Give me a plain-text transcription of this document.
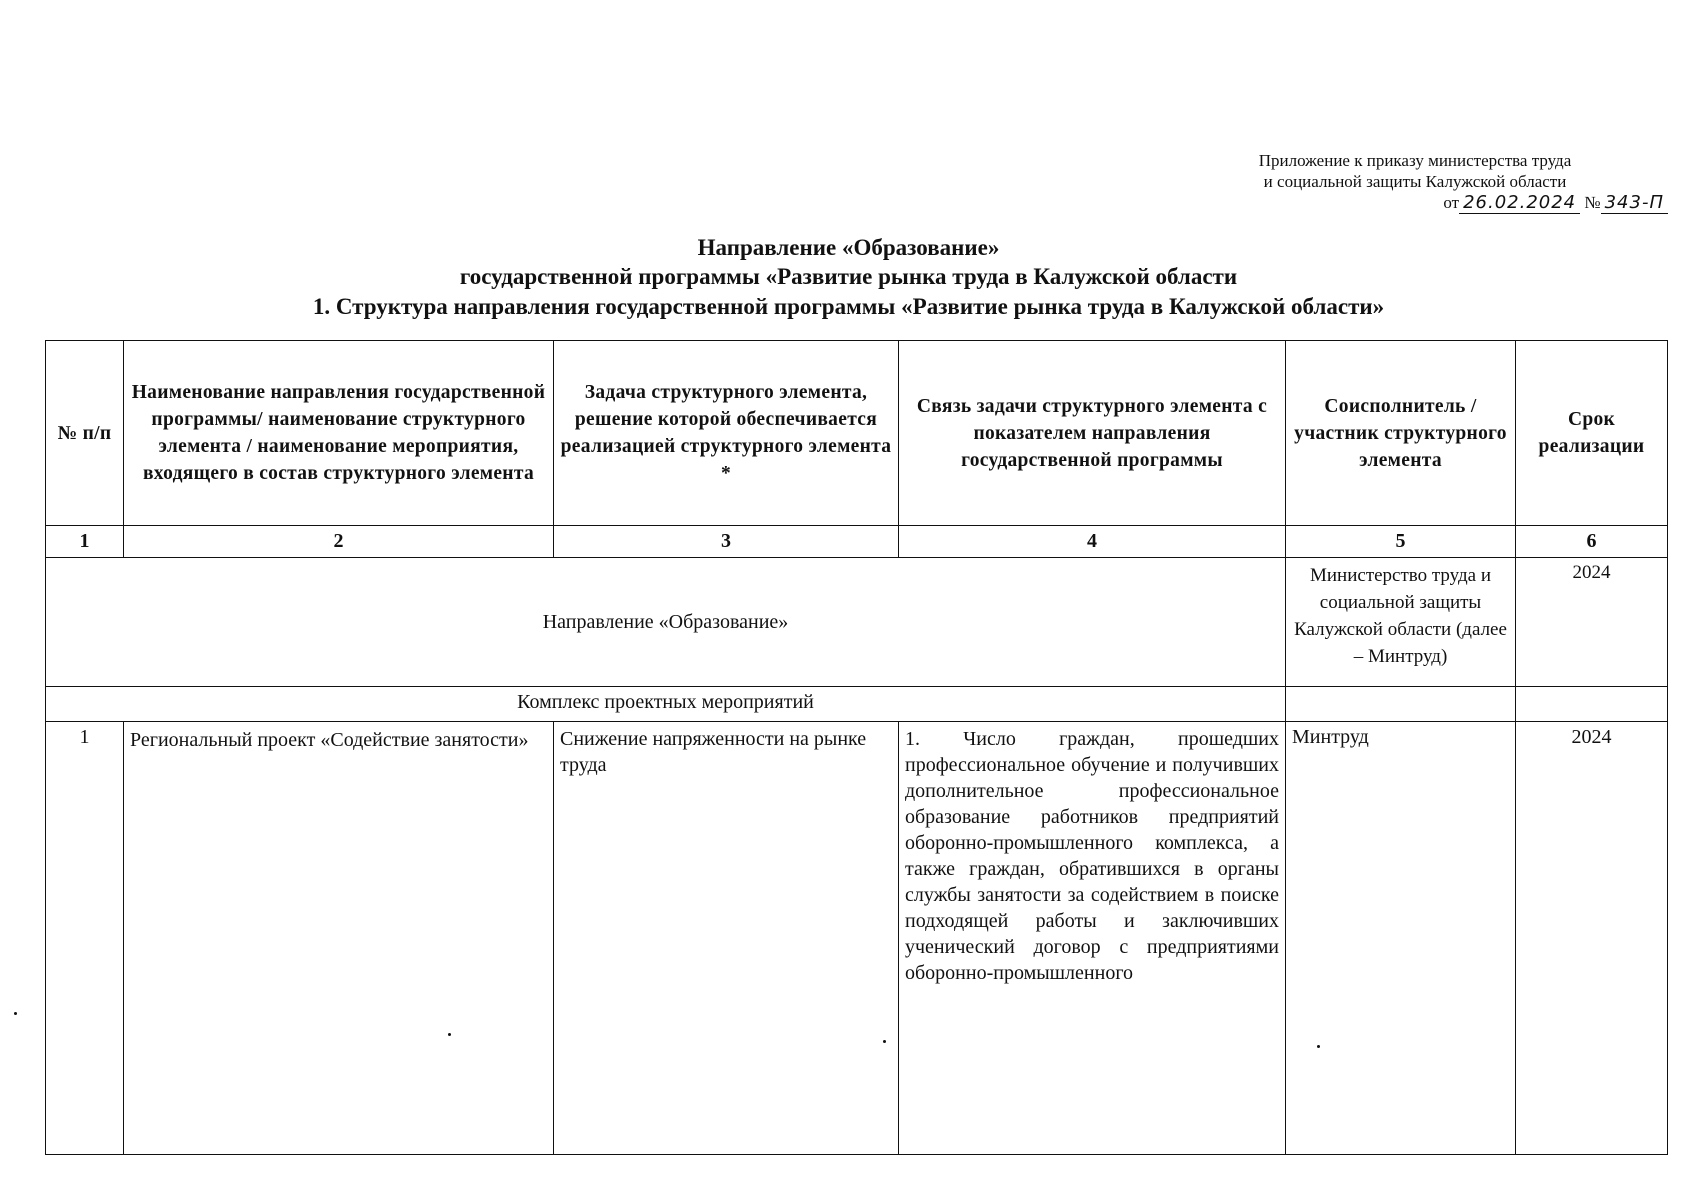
Приложение к приказу министерства труда
и социальной защиты Калужской области
от 26.02.2024 № 343-П
Направление «Образование»
государственной программы «Развитие рынка труда в Калужской области
1. Структура направления государственной программы «Развитие рынка труда в Калужской области»
№ п/п	Наименование направления государственной программы/ наименование структурного элемента / наименование мероприятия, входящего в состав структурного элемента	Задача структурного элемента, решение которой обеспечивается реализацией структурного элемента *	Связь задачи структурного элемента с показателем направления государственной программы	Соисполнитель / участник структурного элемента	Срок реализации
1	2	3	4	5	6
Направление «Образование»				Министерство труда и социальной защиты Калужской области (далее – Минтруд)	2024
Комплекс проектных мероприятий					
1	Региональный проект «Содействие занятости»	Снижение напряженности на рынке труда	1. Число граждан, прошедших профессиональное обучение и получивших дополнительное профессиональное образование работников предприятий оборонно-промышленного комплекса, а также граждан, обратившихся в органы службы занятости за содействием в поиске подходящей работы и заключивших ученический договор с предприятиями оборонно-промышленного	Минтруд	2024
